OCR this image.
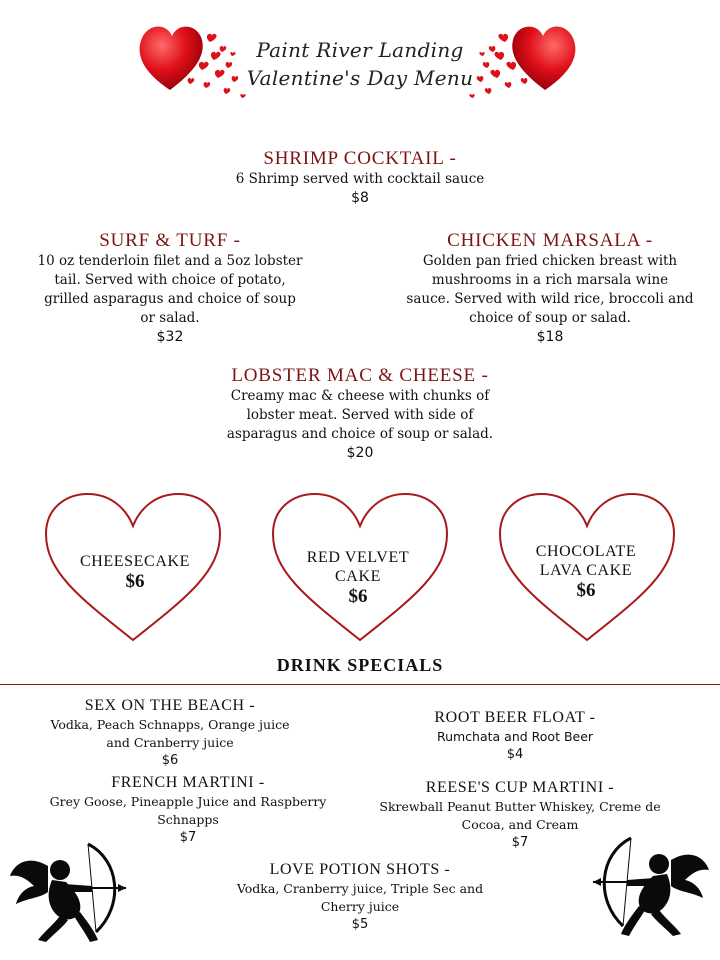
Paint River Landing
Valentine's Day Menu
SHRIMP COCKTAIL -
6 Shrimp served with cocktail sauce
$8
SURF & TURF -
10 oz tenderloin filet and a 5oz lobster
tail. Served with choice of potato,
grilled asparagus and choice of soup
or salad.
$32
CHICKEN MARSALA -
Golden pan fried chicken breast with
mushrooms in a rich marsala wine
sauce. Served with wild rice, broccoli and
choice of soup or salad.
$18
LOBSTER MAC & CHEESE -
Creamy mac & cheese with chunks of
lobster meat. Served with side of
asparagus and choice of soup or salad.
$20
CHEESECAKE
$6
RED VELVET
CAKE
$6
CHOCOLATE
LAVA CAKE
$6
DRINK SPECIALS
SEX ON THE BEACH -
Vodka, Peach Schnapps, Orange juice
and Cranberry juice
$6
ROOT BEER FLOAT -
Rumchata and Root Beer
$4
FRENCH MARTINI -
Grey Goose, Pineapple Juice and Raspberry
Schnapps
$7
REESE'S CUP MARTINI -
Skrewball Peanut Butter Whiskey, Creme de
Cocoa, and Cream
$7
LOVE POTION SHOTS -
Vodka, Cranberry juice, Triple Sec and
Cherry juice
$5
